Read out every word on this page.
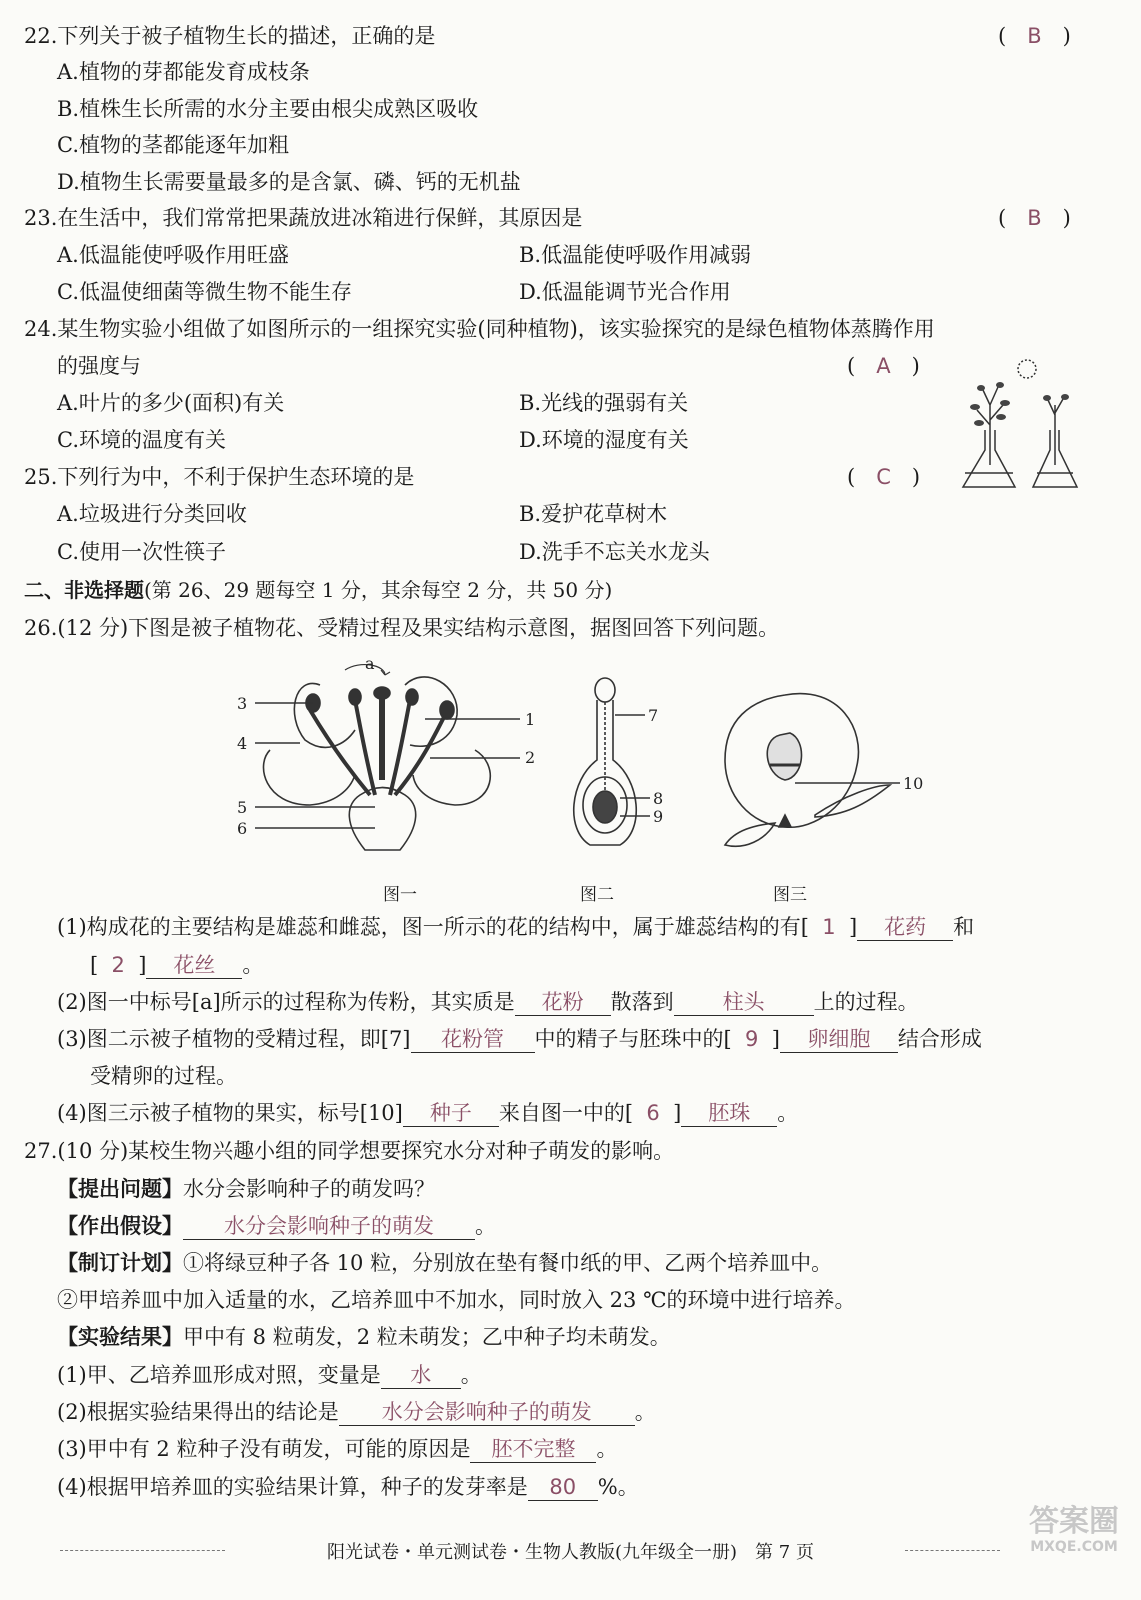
22.下列关于被子植物生长的描述，正确的是	(　B　)
A.植物的芽都能发育成枝条
B.植株生长所需的水分主要由根尖成熟区吸收
C.植物的茎都能逐年加粗
D.植物生长需要量最多的是含氯、磷、钙的无机盐
23.在生活中，我们常常把果蔬放进冰箱进行保鲜，其原因是	(　B　)
A.低温能使呼吸作用旺盛	B.低温能使呼吸作用减弱
C.低温使细菌等微生物不能生存	D.低温能调节光合作用
24.某生物实验小组做了如图所示的一组探究实验(同种植物)，该实验探究的是绿色植物体蒸腾作用
的强度与	(　A　)
A.叶片的多少(面积)有关	B.光线的强弱有关
C.环境的温度有关	D.环境的湿度有关
25.下列行为中，不利于保护生态环境的是	(　C　)
A.垃圾进行分类回收	B.爱护花草树木
C.使用一次性筷子	D.洗手不忘关水龙头
二、非选择题(第 26、29 题每空 1 分，其余每空 2 分，共 50 分)
26.(12 分)下图是被子植物花、受精过程及果实结构示意图，据图回答下列问题。
a
1
2
3
4
5
6
7
8
9
10
图一	图二	图三
(1)构成花的主要结构是雄蕊和雌蕊，图一所示的花的结构中，属于雄蕊结构的有[ 1 ] 花药 和
[ 2 ] 花丝 。
(2)图一中标号[a]所示的过程称为传粉，其实质是 花粉 散落到 柱头 上的过程。
(3)图二示被子植物的受精过程，即[7] 花粉管 中的精子与胚珠中的[ 9 ] 卵细胞 结合形成
受精卵的过程。
(4)图三示被子植物的果实，标号[10] 种子 来自图一中的[ 6 ] 胚珠 。
27.(10 分)某校生物兴趣小组的同学想要探究水分对种子萌发的影响。
【提出问题】水分会影响种子的萌发吗？
【作出假设】 水分会影响种子的萌发 。
【制订计划】①将绿豆种子各 10 粒，分别放在垫有餐巾纸的甲、乙两个培养皿中。
②甲培养皿中加入适量的水，乙培养皿中不加水，同时放入 23 ℃的环境中进行培养。
【实验结果】甲中有 8 粒萌发，2 粒未萌发；乙中种子均未萌发。
(1)甲、乙培养皿形成对照，变量是 水 。
(2)根据实验结果得出的结论是 水分会影响种子的萌发 。
(3)甲中有 2 粒种子没有萌发，可能的原因是 胚不完整 。
(4)根据甲培养皿的实验结果计算，种子的发芽率是 80 %。
阳光试卷・单元测试卷・生物人教版(九年级全一册)　第 7 页
答案圈
MXQE.COM
